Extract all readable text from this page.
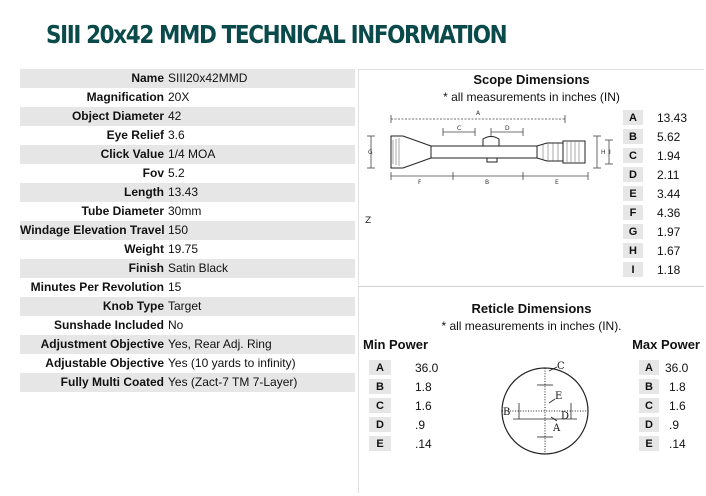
SIII 20x42 MMD TECHNICAL INFORMATION
Name SIII20x42MMD
Magnification 20X
Object Diameter 42
Eye Relief 3.6
Click Value 1/4 MOA
Fov 5.2
Length 13.43
Tube Diameter 30mm
Windage Elevation Travel 150
Weight 19.75
Finish Satin Black
Minutes Per Revolution 15
Knob Type Target
Sunshade Included No
Adjustment Objective Yes, Rear Adj. Ring
Adjustable Objective Yes (10 yards to infinity)
Fully Multi Coated Yes (Zact-7 TM 7-Layer)
Scope Dimensions
* all measurements in inches (IN)
A
C	D
G	H I
F	B	E
Z
A	13.43
B	5.62
C	1.94
D	2.11
E	3.44
F	4.36
G	1.97
H	1.67
I	1.18
Reticle Dimensions
* all measurements in inches (IN).
Min Power	Max Power
A	36.0
B	1.8
C	1.6
D	.9
E	.14
C
E
B	D
A
A	36.0
B	1.8
C	1.6
D	.9
E	.14
